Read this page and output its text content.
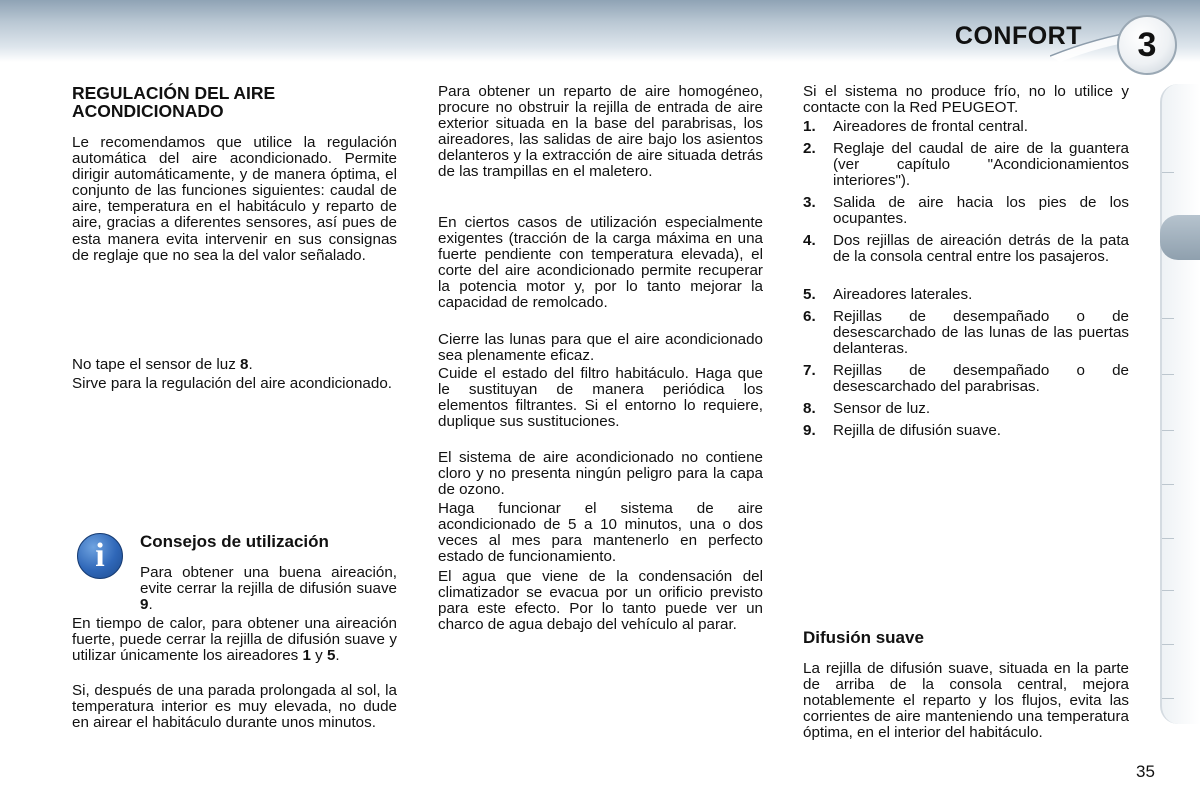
CONFORT	3
REGULACIÓN DEL AIRE
ACONDICIONADO
Le recomendamos que utilice la regulación automática del aire acondicionado. Permite dirigir automáticamente, y de manera óptima, el conjunto de las funciones siguientes: caudal de aire, temperatura en el habitáculo y reparto de aire, gracias a diferentes sensores, así pues de esta manera evita intervenir en sus consignas de reglaje que no sea la del valor señalado.
No tape el sensor de luz 8.
Sirve para la regulación del aire acondicionado.
i	Consejos de utilización
Para obtener una buena aireación, evite cerrar la rejilla de difusión suave 9.
En tiempo de calor, para obtener una aireación fuerte, puede cerrar la rejilla de difusión suave y utilizar únicamente los aireadores 1 y 5.
Si, después de una parada prolongada al sol, la temperatura interior es muy elevada, no dude en airear el habitáculo durante unos minutos.
Para obtener un reparto de aire homogéneo, procure no obstruir la rejilla de entrada de aire exterior situada en la base del parabrisas, los aireadores, las salidas de aire bajo los asientos delanteros y la extracción de aire situada detrás de las trampillas en el maletero.
En ciertos casos de utilización especialmente exigentes (tracción de la carga máxima en una fuerte pendiente con temperatura elevada), el corte del aire acondicionado permite recuperar la potencia motor y, por lo tanto mejorar la capacidad de remolcado.
Cierre las lunas para que el aire acondicionado sea plenamente eficaz.
Cuide el estado del filtro habitáculo. Haga que le sustituyan de manera periódica los elementos filtrantes. Si el entorno lo requiere, duplique sus sustituciones.
El sistema de aire acondicionado no contiene cloro y no presenta ningún peligro para la capa de ozono.
Haga funcionar el sistema de aire acondicionado de 5 a 10 minutos, una o dos veces al mes para mantenerlo en perfecto estado de funcionamiento.
El agua que viene de la condensación del climatizador se evacua por un orificio previsto para este efecto. Por lo tanto puede ver un charco de agua debajo del vehículo al parar.
Si el sistema no produce frío, no lo utilice y contacte con la Red PEUGEOT.
1. Aireadores de frontal central.
2. Reglaje del caudal de aire de la guantera (ver capítulo "Acondicionamientos interiores").
3. Salida de aire hacia los pies de los ocupantes.
4. Dos rejillas de aireación detrás de la pata de la consola central entre los pasajeros.
5. Aireadores laterales.
6. Rejillas de desempañado o de desescarchado de las lunas de las puertas delanteras.
7. Rejillas de desempañado o de desescarchado del parabrisas.
8. Sensor de luz.
9. Rejilla de difusión suave.
Difusión suave
La rejilla de difusión suave, situada en la parte de arriba de la consola central, mejora notablemente el reparto y los flujos, evita las corrientes de aire manteniendo una temperatura óptima, en el interior del habitáculo.
35
